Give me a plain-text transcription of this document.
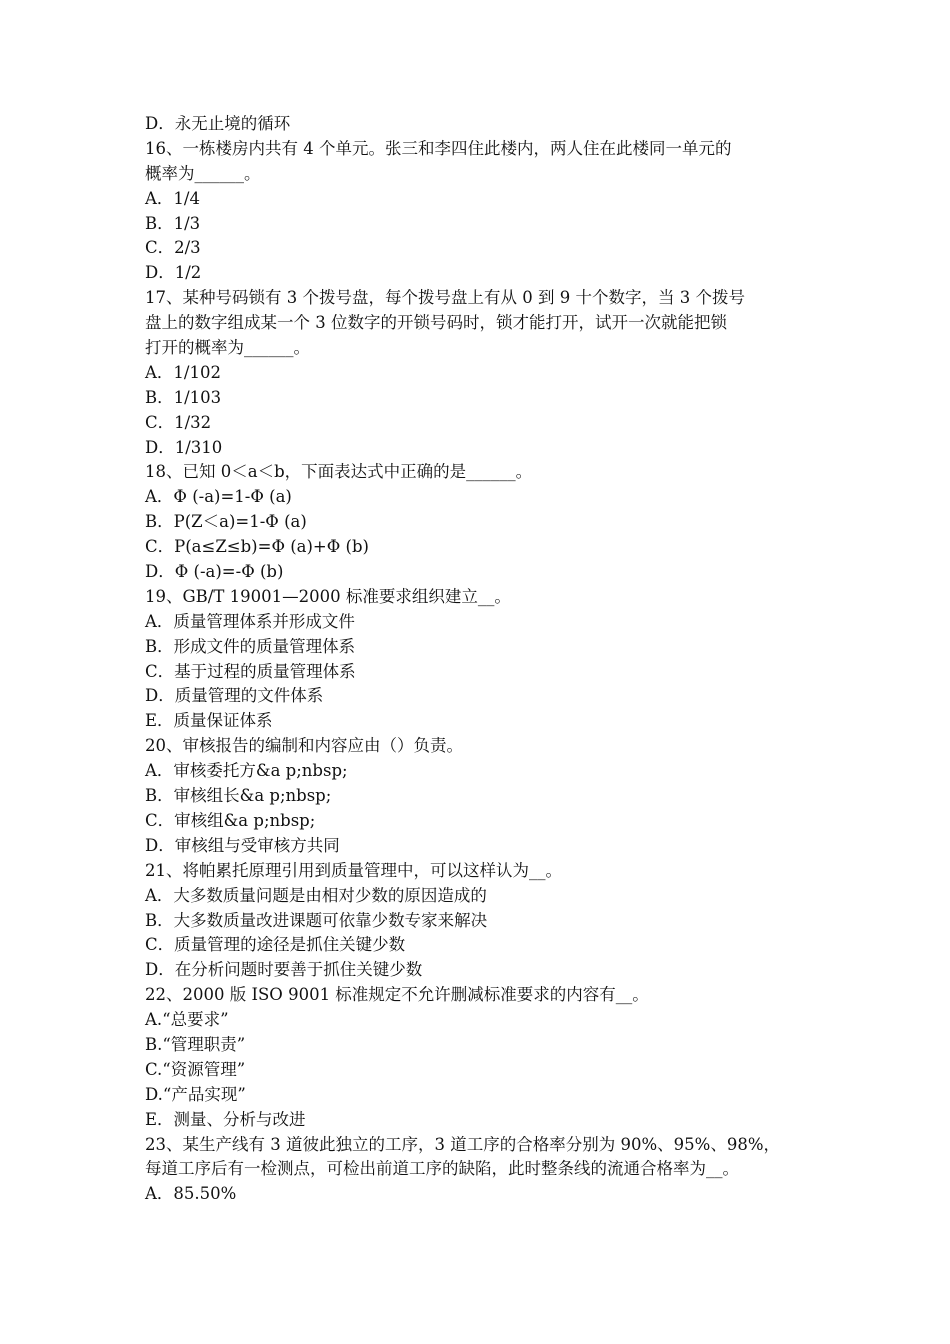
D．永无止境的循环
16、一栋楼房内共有 4 个单元。张三和李四住此楼内，两人住在此楼同一单元的
概率为______。
A．1/4
B．1/3
C．2/3
D．1/2
17、某种号码锁有 3 个拨号盘，每个拨号盘上有从 0 到 9 十个数字，当 3 个拨号
盘上的数字组成某一个 3 位数字的开锁号码时，锁才能打开，试开一次就能把锁
打开的概率为______。
A．1/102
B．1/103
C．1/32
D．1/310
18、已知 0＜a＜b，下面表达式中正确的是______。
A．Φ (-a)=1-Φ (a)
B．P(Z＜a)=1-Φ (a)
C．P(a≤Z≤b)=Φ (a)+Φ (b)
D．Φ (-a)=-Φ (b)
19、GB/T 19001—2000 标准要求组织建立__。
A．质量管理体系并形成文件
B．形成文件的质量管理体系
C．基于过程的质量管理体系
D．质量管理的文件体系
E．质量保证体系
20、审核报告的编制和内容应由（）负责。
A．审核委托方&a p;nbsp;
B．审核组长&a p;nbsp;
C．审核组&a p;nbsp;
D．审核组与受审核方共同
21、将帕累托原理引用到质量管理中，可以这样认为__。
A．大多数质量问题是由相对少数的原因造成的
B．大多数质量改进课题可依靠少数专家来解决
C．质量管理的途径是抓住关键少数
D．在分析问题时要善于抓住关键少数
22、2000 版 ISO 9001 标准规定不允许删减标准要求的内容有__。
A.“总要求”
B.“管理职责”
C.“资源管理”
D.“产品实现”
E．测量、分析与改进
23、某生产线有 3 道彼此独立的工序，3 道工序的合格率分别为 90%、95%、98%，
每道工序后有一检测点，可检出前道工序的缺陷，此时整条线的流通合格率为__。
A．85.50%
